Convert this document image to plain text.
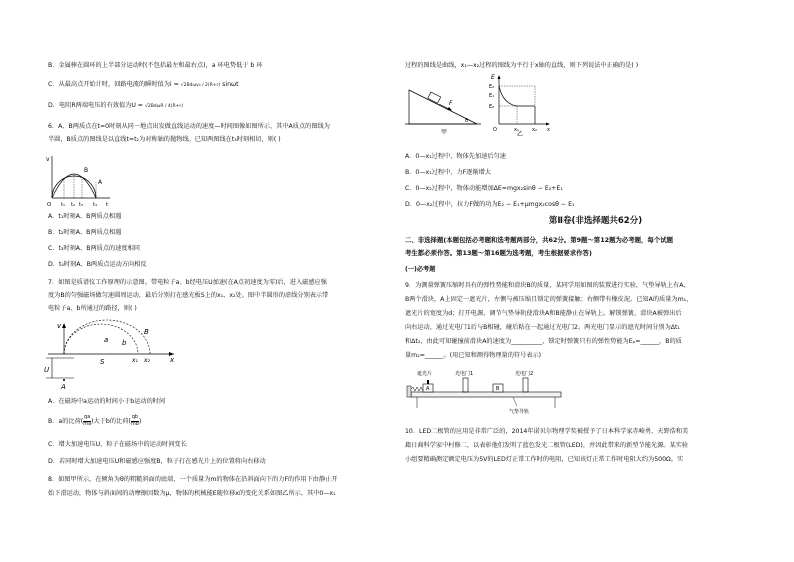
B．金属棒在圆环的上半部分运动时(不包括最左和最右点)，a 环电势低于 b 环
C．从最高点开始计时，回路电流的瞬时值为i = √2Bdωv₀ / 2(R+r) sinωt
D．电阻R两端电压的有效值为U = √2BdωR / 4(R+r)
6．A、B两质点在t=0时刻从同一地点出发做直线运动的速度—时间图像如图所示，其中A质点的图线为
半圆，B质点的图线是以直线t=t₂为对称轴的抛物线。已知两图线在t₃时刻相切，则( )
v
B
A
O t₁ t₂ t₃ t₄ t
A．t₁时刻A、B两质点相遇
B．t₂时刻A、B两质点相遇
C．t₃时刻A、B两质点的速度相同
D．t₄时刻A、B两质点运动方向相反
7．如图是质谱仪工作原理的示意图。带电粒子a、b经电压U加速(在A点初速度为零)后，进入磁感应强
度为B的匀强磁场做匀速圆周运动，最后分别打在感光板S上的x₁、x₂处。图中半圆形的虚线分别表示带
电粒子a、b所通过的路径，则( )
v
B
a b
S	x₁ x₂	x
U
A
A．在磁场中a运动的时间小于b运动的时间
B．a的比荷( $\frac{qa}{ma}$ )大于b的比荷( $\frac{qb}{mb}$ )
C．增大加速电压U，粒子在磁场中的运动时间变长
D．若同时增大加速电压U和磁感应强度B，粒子打在感光片上的位置将向右移动
8．如图甲所示，在倾角为θ的粗糙斜面的底端，一个质量为m的物体在沿斜面向下的力F的作用下由静止开
始下滑运动，物体与斜面间的动摩擦因数为μ，物体的机械能E随位移x的变化关系如图乙所示，其中0—x₁
过程的图线是曲线，x₁—x₂过程的图线为平行于x轴的直线，则下列说法中正确的是( )
F
θ
甲
E
E₂
E₁
E₀
O	x₁	x₂ x
乙
A．0—x₁过程中，物体先加速后匀速
B．0—x₁过程中，力F逐渐增大
C．0—x₂过程中，物体动能增加ΔE=mgx₂sinθ − E₂+E₁
D．0—x₂过程中，拉力F做的功为E₂ − E₁+μmgx₂cosθ − E₁
第Ⅱ卷(非选择题共62分)
二、非选择题(本题包括必考题和选考题两部分，共62分。第9题～第12题为必考题，每个试题
考生都必须作答。第13题～第16题为选考题，考生根据要求作答)
(一)必考题
9．为测量弹簧压缩时具有的弹性势能和滑块B的质量，某同学用如图的装置进行实验，气垫导轨上有A、
B两个滑块，A上固定一遮光片，左侧与被压缩且锁定的弹簧接触；右侧带有橡皮泥。已知A的质量为m₁，
遮光片的宽度为d；打开电源，调节气垫导轨使滑块A和B能静止在导轨上。解锁弹簧，滑块A被弹出后
向右运动，通过光电门1后与B相碰，碰后粘在一起通过光电门2。两光电门显示的遮光时间分别为Δt₁
和Δt₂，由此可知碰撞前滑块A的速度为__________，锁定时弹簧只有的弹性势能为Eₚ=______，B的质
量m₂=______。(用已知和测得物理量的符号表示)
遮光片	光电门1	光电门2
A	B
气垫导轨
10．LED二极管的应用是非常广泛的，2014年诺贝尔物理学奖被授予了日本科学家赤崎勇、天野浩和美
籍日裔科学家中村修二，以表彰他们发明了蓝色发光二极管(LED)，并因此带来的新型节能光源。某实验
小组要精确测定额定电压为5V的LED灯正常工作时的电阻，已知该灯正常工作时电阻大约为500Ω。实
